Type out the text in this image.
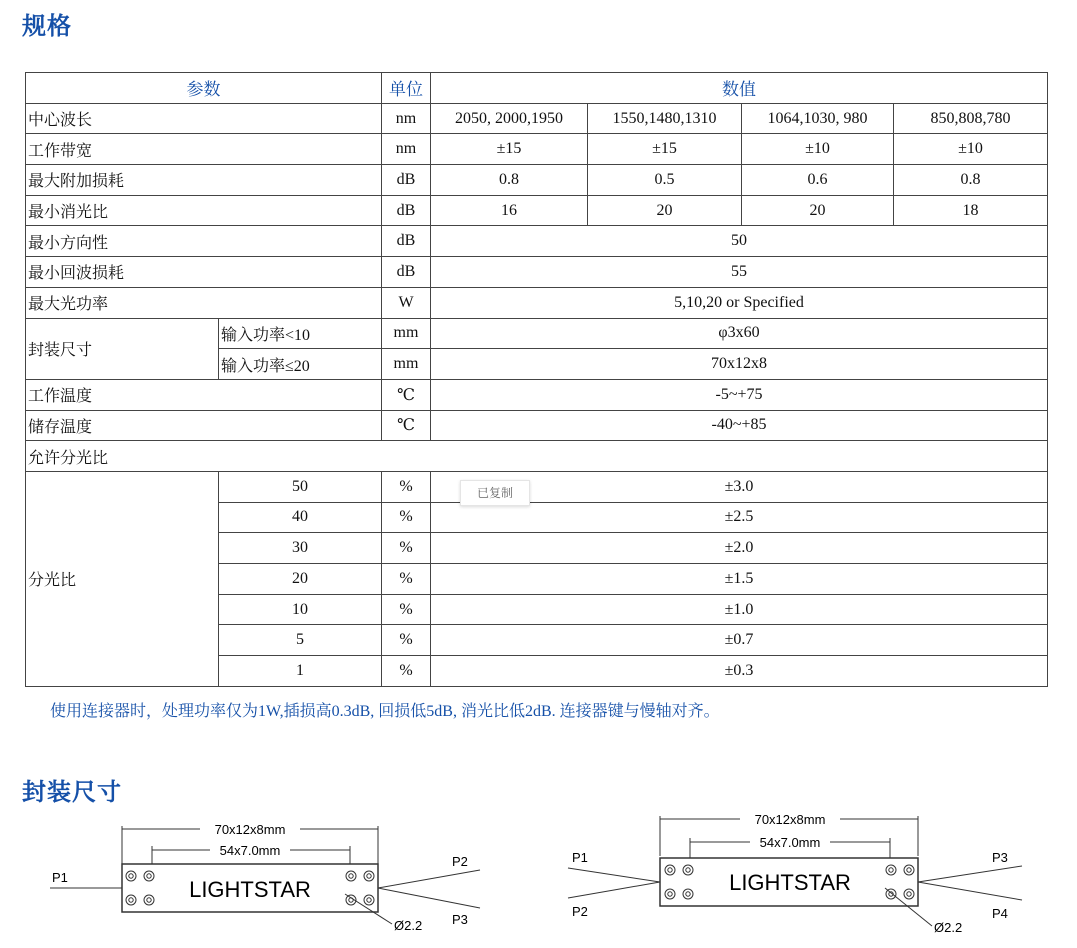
规格
参数		单位	数值			
中心波长		nm	2050, 2000,1950	1550,1480,1310	1064,1030, 980	850,808,780
工作带宽		nm	±15	±15	±10	±10
最大附加损耗		dB	0.8	0.5	0.6	0.8
最小消光比		dB	16	20	20	18
最小方向性		dB	50			
最小回波损耗		dB	55			
最大光功率		W	5,10,20 or Specified			
封装尺寸	输入功率<10	mm	φ3x60			
	输入功率≤20	mm	70x12x8			
工作温度		℃	-5~+75			
储存温度		℃	-40~+85			
允许分光比						
分光比	50	%	±3.0			
	40	%	±2.5			
	30	%	±2.0			
	20	%	±1.5			
	10	%	±1.0			
	5	%	±0.7			
	1	%	±0.3			
已复制
使用连接器时，处理功率仅为1W,插损高0.3dB, 回损低5dB, 消光比低2dB. 连接器键与慢轴对齐。
封装尺寸
70x12x8mm
54x7.0mm
LIGHTSTAR
P1
P2
P3
Ø2.2
70x12x8mm
54x7.0mm
LIGHTSTAR
P1
P2
P3
P4
Ø2.2
